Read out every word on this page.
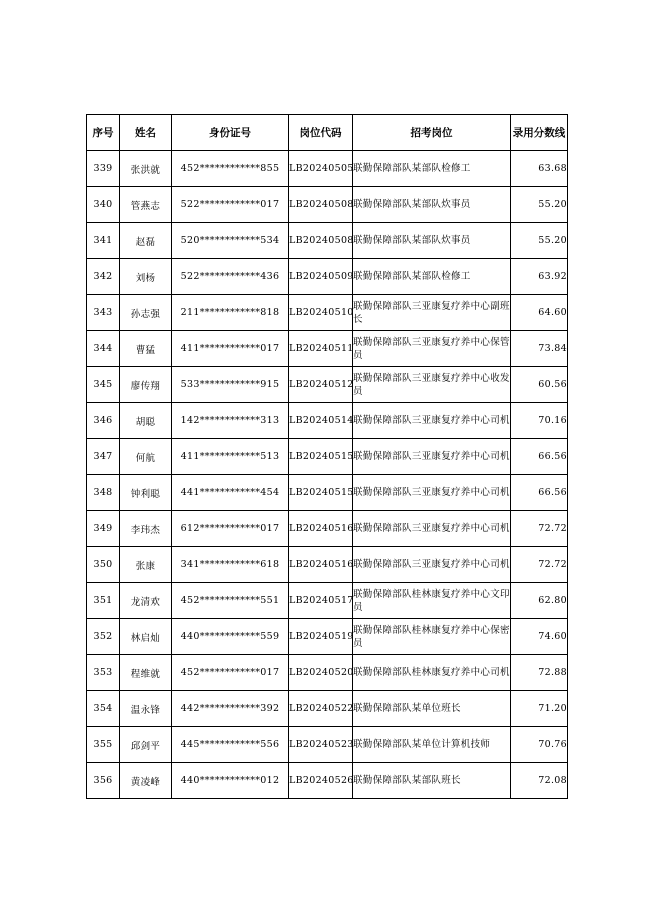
序号	姓名	身份证号	岗位代码	招考岗位	录用分数线
339	张洪就	452************855	LB20240505	联勤保障部队某部队检修工	63.68
340	管燕志	522************017	LB20240508	联勤保障部队某部队炊事员	55.20
341	赵磊	520************534	LB20240508	联勤保障部队某部队炊事员	55.20
342	刘杨	522************436	LB20240509	联勤保障部队某部队检修工	63.92
343	孙志强	211************818	LB20240510	联勤保障部队三亚康复疗养中心副班长	64.60
344	曹猛	411************017	LB20240511	联勤保障部队三亚康复疗养中心保管员	73.84
345	廖传翔	533************915	LB20240512	联勤保障部队三亚康复疗养中心收发员	60.56
346	胡聪	142************313	LB20240514	联勤保障部队三亚康复疗养中心司机	70.16
347	何航	411************513	LB20240515	联勤保障部队三亚康复疗养中心司机	66.56
348	钟利聪	441************454	LB20240515	联勤保障部队三亚康复疗养中心司机	66.56
349	李玮杰	612************017	LB20240516	联勤保障部队三亚康复疗养中心司机	72.72
350	张康	341************618	LB20240516	联勤保障部队三亚康复疗养中心司机	72.72
351	龙清欢	452************551	LB20240517	联勤保障部队桂林康复疗养中心文印员	62.80
352	林启灿	440************559	LB20240519	联勤保障部队桂林康复疗养中心保密员	74.60
353	程维就	452************017	LB20240520	联勤保障部队桂林康复疗养中心司机	72.88
354	温永锋	442************392	LB20240522	联勤保障部队某单位班长	71.20
355	邱剑平	445************556	LB20240523	联勤保障部队某单位计算机技师	70.76
356	黄凌峰	440************012	LB20240526	联勤保障部队某部队班长	72.08
